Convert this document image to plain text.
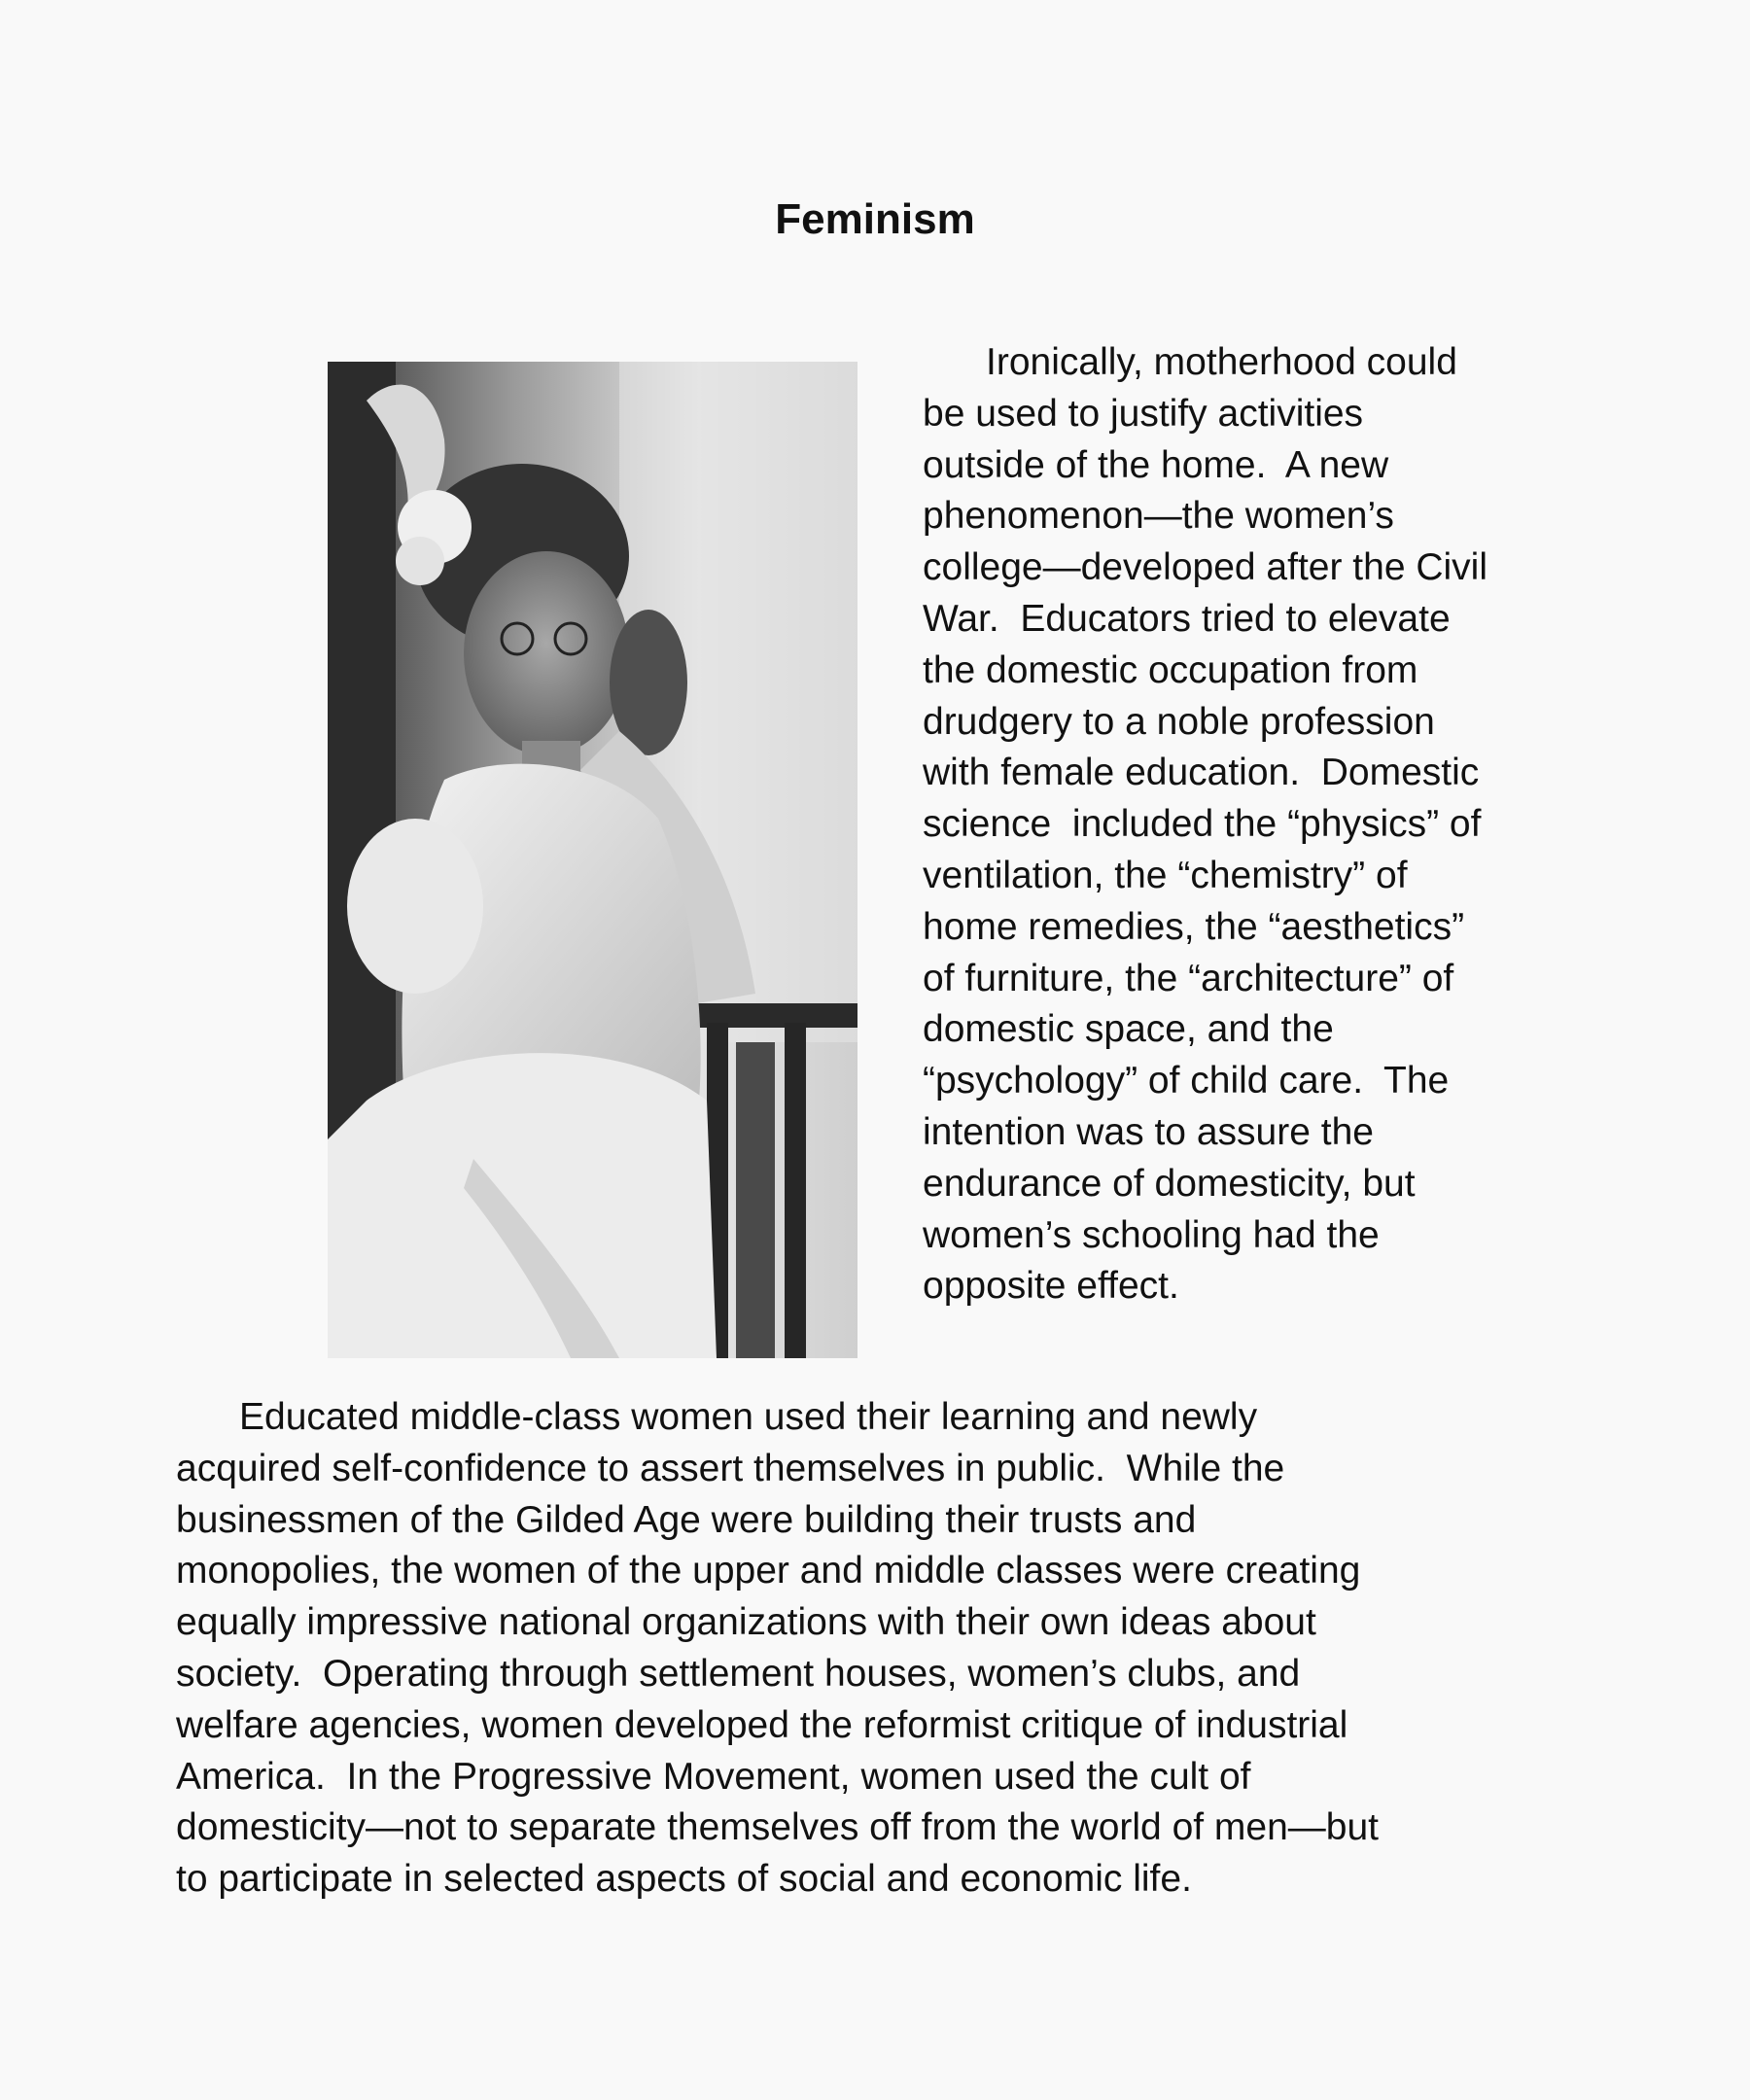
Feminism

Ironically, motherhood could
be used to justify activities
outside of the home.  A new
phenomenon—the women’s
college—developed after the Civil
War.  Educators tried to elevate
the domestic occupation from
drudgery to a noble profession
with female education.  Domestic
science  included the “physics” of
ventilation, the “chemistry” of
home remedies, the “aesthetics”
of furniture, the “architecture” of
domestic space, and the
“psychology” of child care.  The
intention was to assure the
endurance of domesticity, but
women’s schooling had the
opposite effect.

Educated middle-class women used their learning and newly
acquired self-confidence to assert themselves in public.  While the
businessmen of the Gilded Age were building their trusts and
monopolies, the women of the upper and middle classes were creating
equally impressive national organizations with their own ideas about
society.  Operating through settlement houses, women’s clubs, and
welfare agencies, women developed the reformist critique of industrial
America.  In the Progressive Movement, women used the cult of
domesticity—not to separate themselves off from the world of men—but
to participate in selected aspects of social and economic life.
